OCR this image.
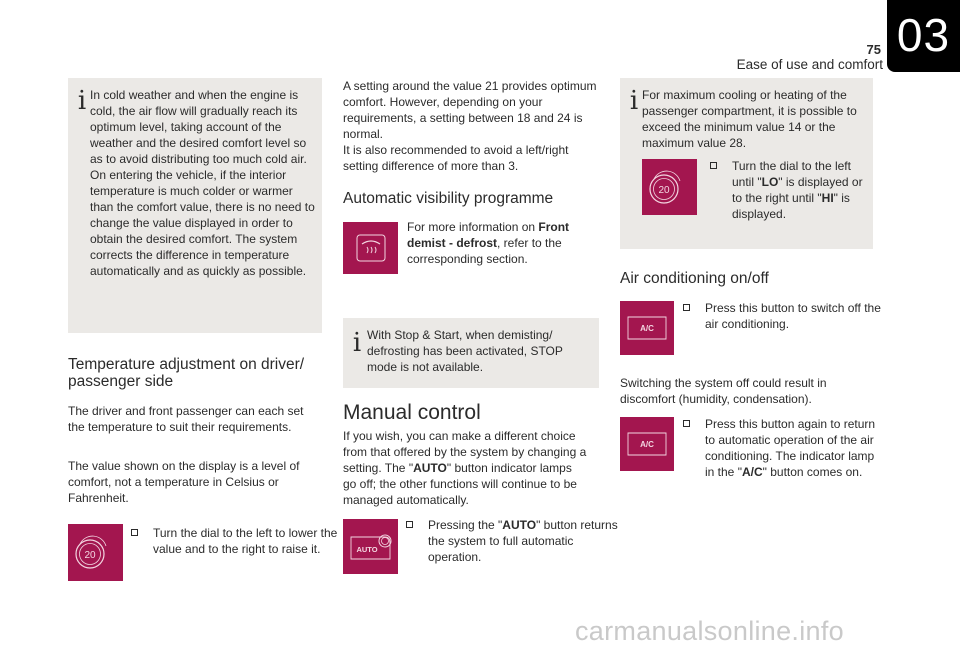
03
75
Ease of use and comfort
i In cold weather and when the engine is cold, the air flow will gradually reach its optimum level, taking account of the weather and the desired comfort level so as to avoid distributing too much cold air. On entering the vehicle, if the interior temperature is much colder or warmer than the comfort value, there is no need to change the value displayed in order to obtain the desired comfort. The system corrects the difference in temperature automatically and as quickly as possible.

Temperature adjustment on driver/ passenger side

The driver and front passenger can each set the temperature to suit their requirements.

The value shown on the display is a level of comfort, not a temperature in Celsius or Fahrenheit.

20
Turn the dial to the left to lower the value and to the right to raise it.

A setting around the value 21 provides optimum comfort. However, depending on your requirements, a setting between 18 and 24 is normal.

It is also recommended to avoid a left/right setting difference of more than 3.

Automatic visibility programme

For more information on Front demist - defrost, refer to the corresponding section.

i With Stop & Start, when demisting/ defrosting has been activated, STOP mode is not available.

Manual control

If you wish, you can make a different choice from that offered by the system by changing a setting. The "AUTO" button indicator lamps go off; the other functions will continue to be managed automatically.

AUTO
Pressing the "AUTO" button returns the system to full automatic operation.
i For maximum cooling or heating of the passenger compartment, it is possible to exceed the minimum value 14 or the maximum value 28.

20
Turn the dial to the left until "LO" is displayed or to the right until "HI" is displayed.
Air conditioning on/off
A/C
Press this button to switch off the air conditioning.

Switching the system off could result in discomfort (humidity, condensation).

A/C
Press this button again to return to automatic operation of the air conditioning. The indicator lamp in the "A/C" button comes on.
carmanualsonline.info
